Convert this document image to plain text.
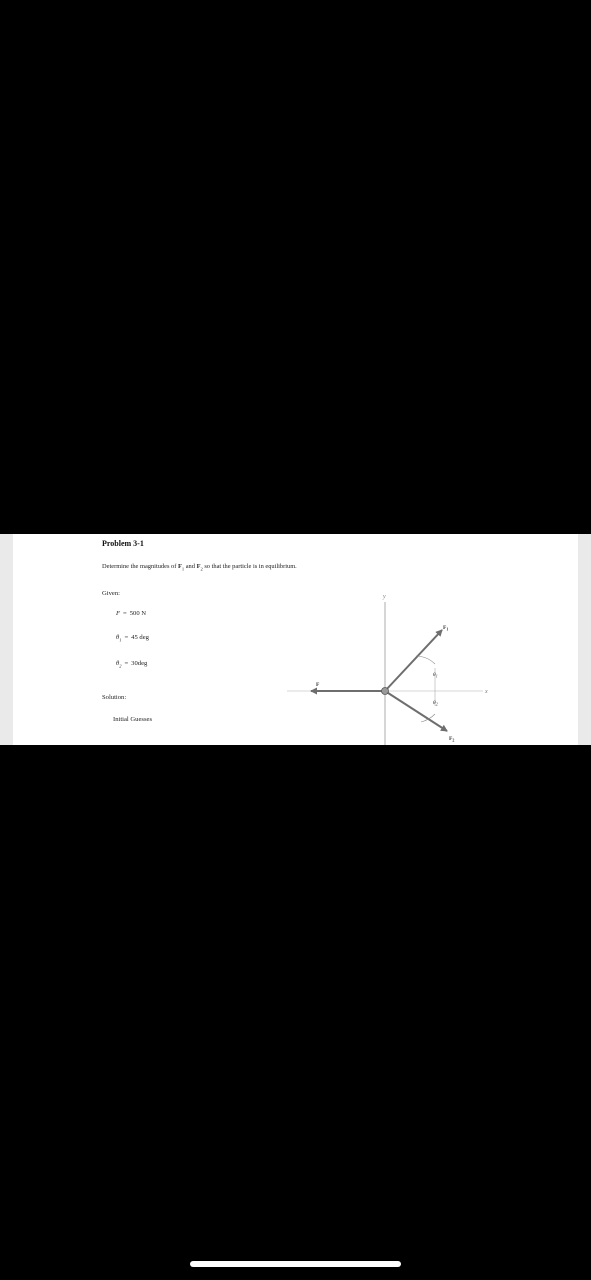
Problem 3-1
Determine the magnitudes of $F_1$ and $F_2$ so that the particle is in equilibrium.
Given:
F = 500 N
$\theta_1 = 45$ deg
$\theta_2 = 30deg$
Solution:
Initial Guesses
y
x
F
$F_1$
$F_2$
$\theta_1$
$\theta_2$
